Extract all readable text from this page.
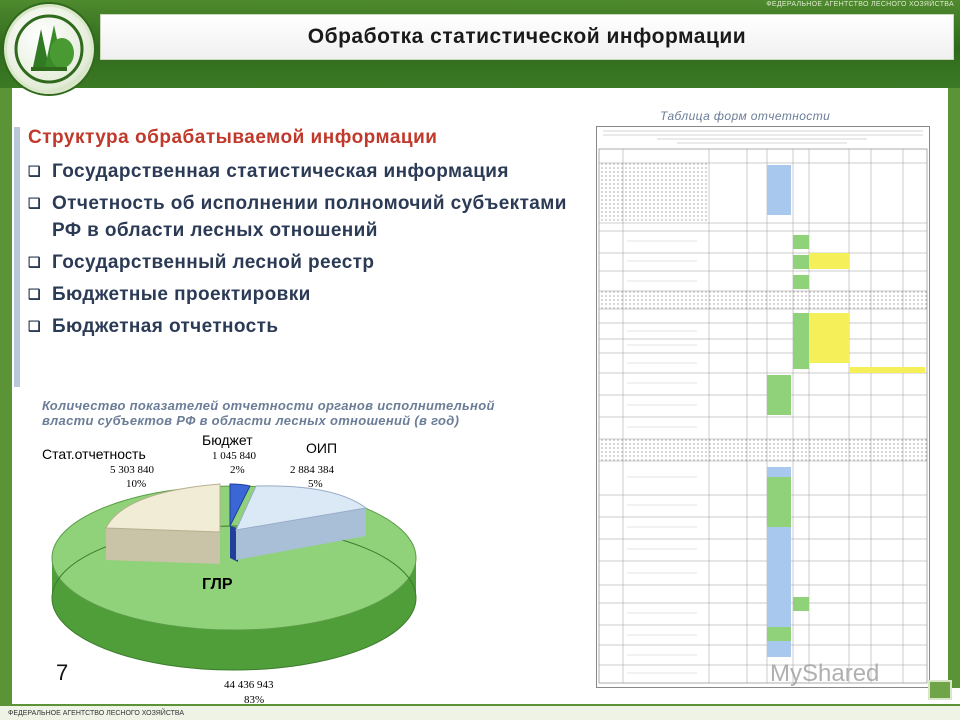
ФЕДЕРАЛЬНОЕ АГЕНТСТВО ЛЕСНОГО ХОЗЯЙСТВА
Обработка статистической информации
Структура обрабатываемой информации
❑ Государственная статистическая информация
❑ Отчетность об исполнении полномочий субъектами РФ в области лесных отношений
❑ Государственный лесной реестр
❑ Бюджетные проектировки
❑ Бюджетная отчетность
Количество показателей отчетности органов исполнительной власти субъектов РФ в области лесных отношений (в год)
Стат.отчетность
5 303 840
10%
Бюджет
1 045 840
2%
ОИП
2 884 384
5%
ГЛР
44 436 943
83%
7
Таблица форм отчетности
MyShared
ФЕДЕРАЛЬНОЕ АГЕНТСТВО ЛЕСНОГО ХОЗЯЙСТВА
